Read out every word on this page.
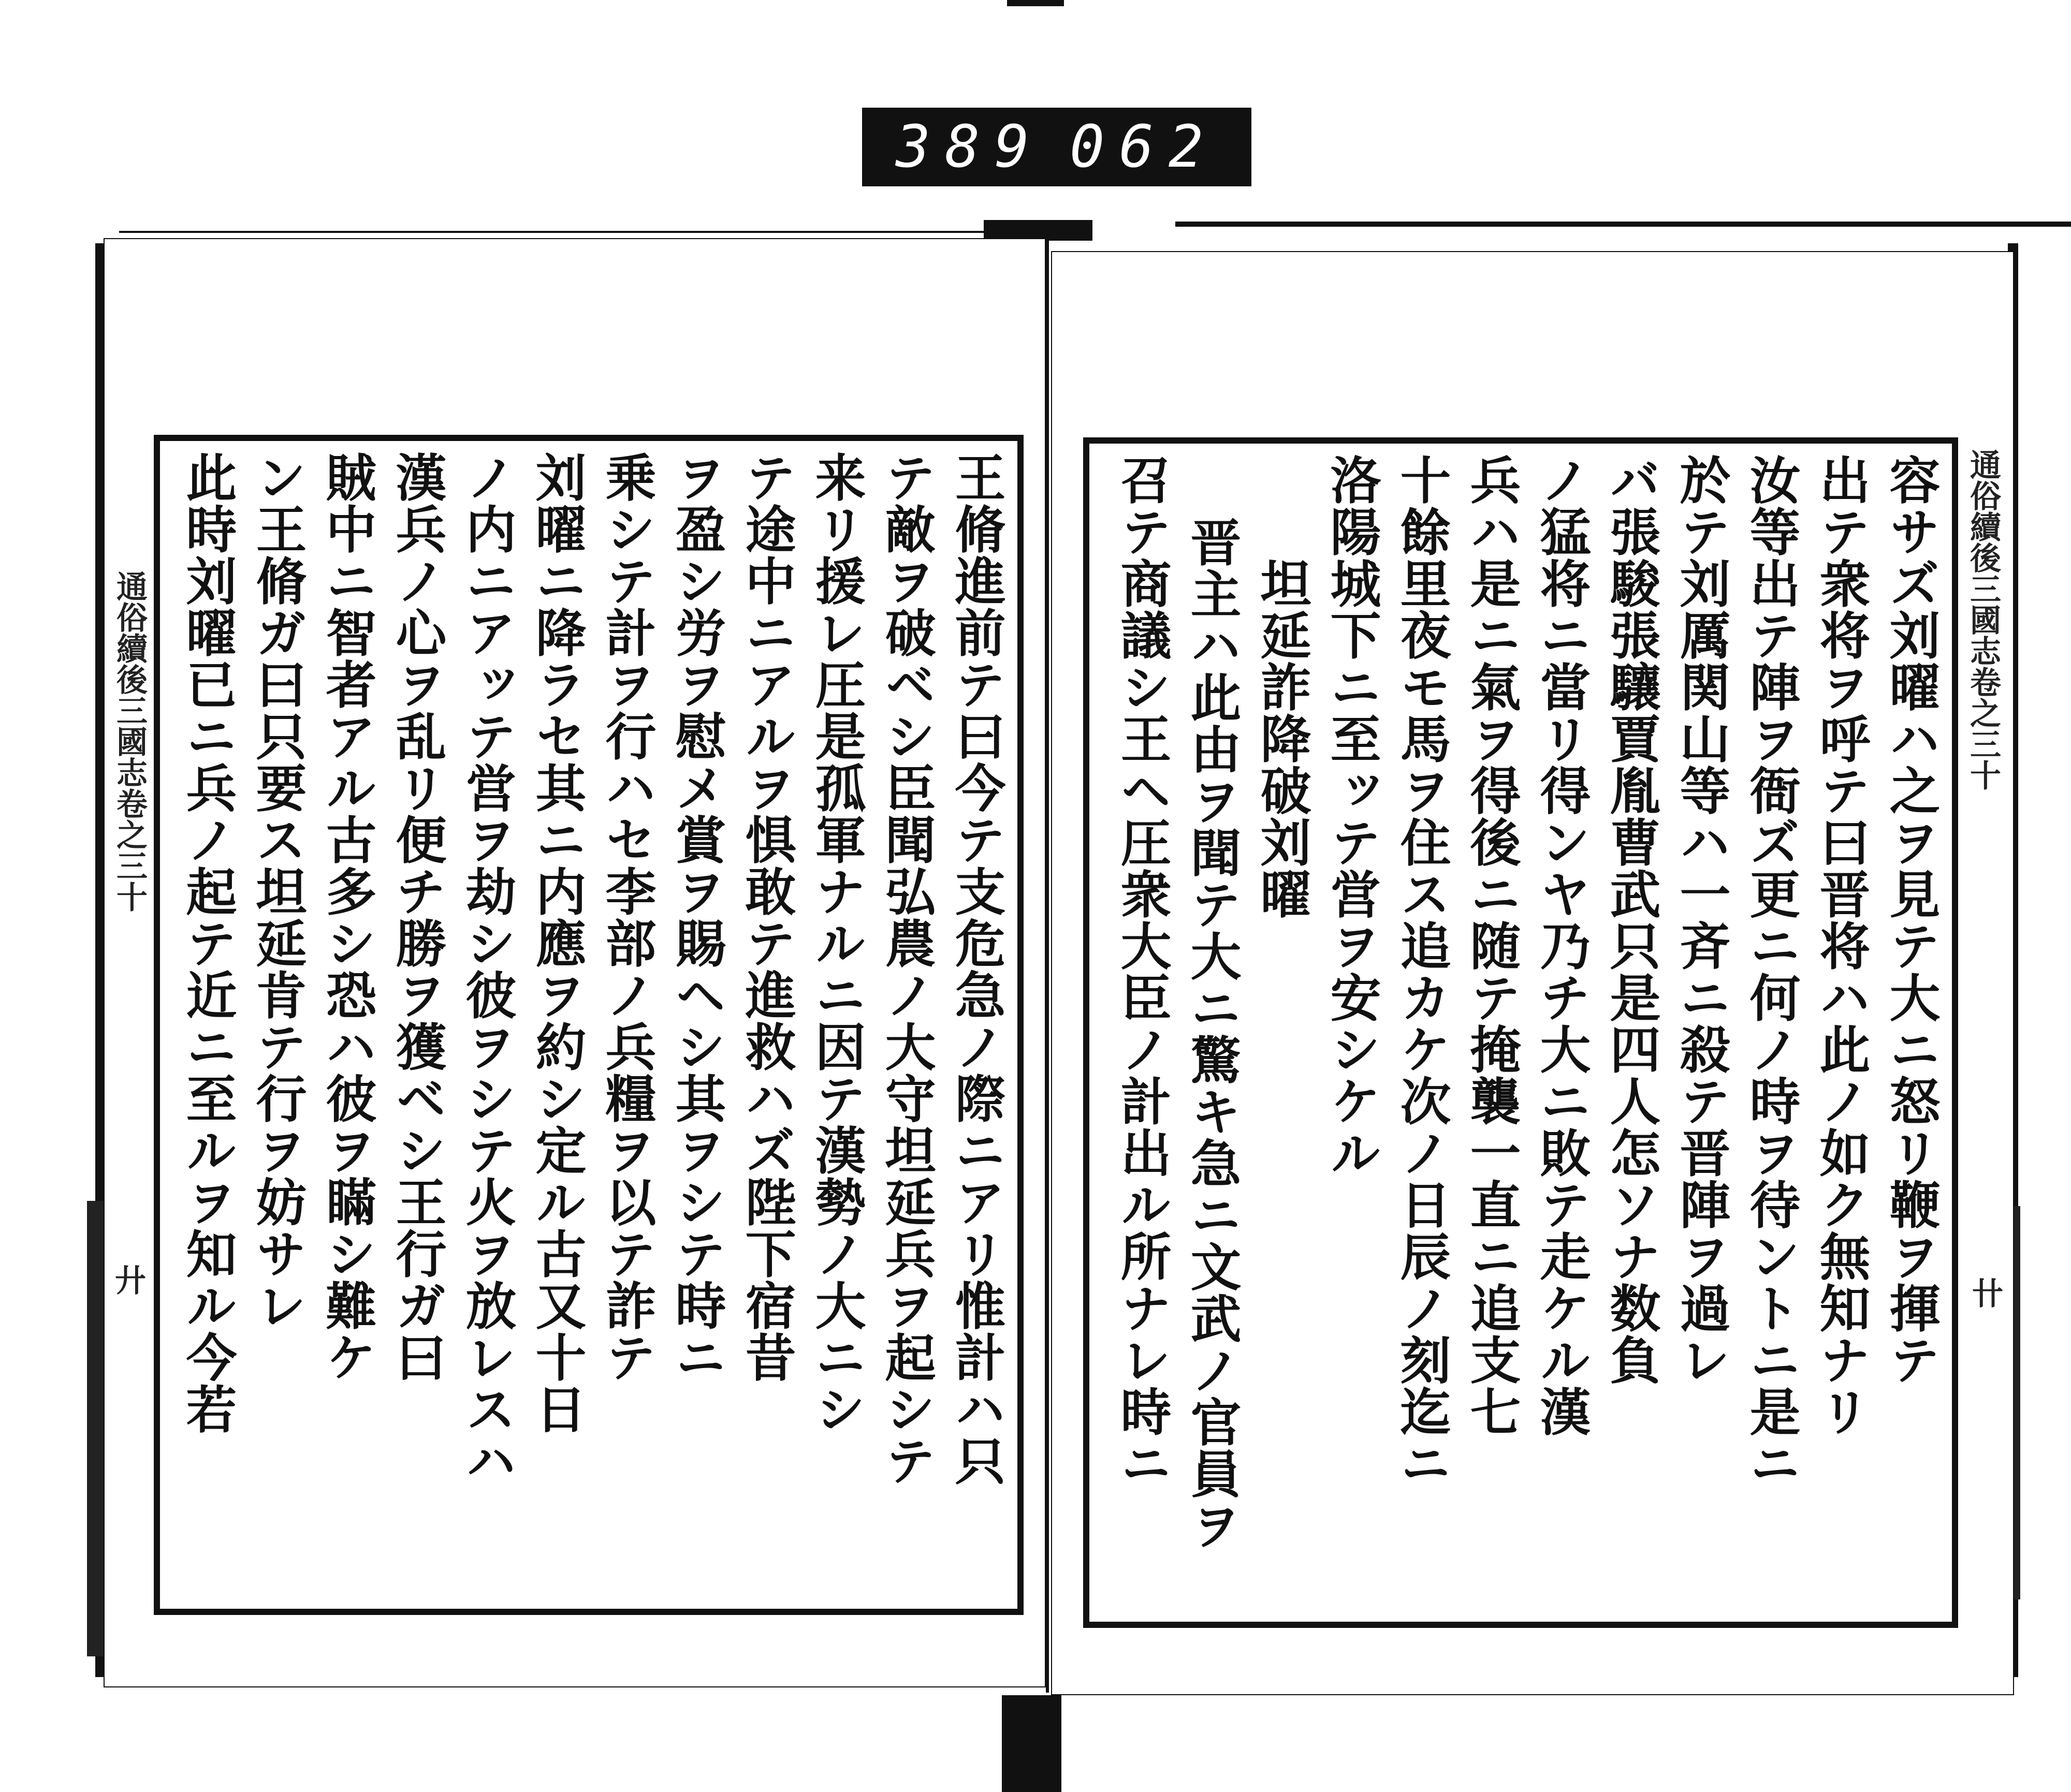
389 062
通俗續後三國志卷之三十
廾	王脩進前テ曰今テ支危急ノ際ニアリ惟計ハ只
テ敵ヲ破ベシ臣聞弘農ノ大守坦延兵ヲ起シテ
来リ援レ圧是孤軍ナルニ因テ漢勢ノ大ニシ
テ途中ニアルヲ惧敢テ進救ハズ陛下宿昔
ヲ盈シ労ヲ慰メ賞ヲ賜ヘシ其ヲシテ時ニ
乗シテ計ヲ行ハセ李部ノ兵糧ヲ以テ詐テ
刘曜ニ降ラセ其ニ内應ヲ約シ定ル古又十日
ノ内ニアッテ営ヲ劫シ彼ヲシテ火ヲ放レスハ
漢兵ノ心ヲ乱リ便チ勝ヲ獲ベシ王行ガ曰
賊中ニ智者アル古多シ恐ハ彼ヲ瞞シ難ケ
ン王脩ガ曰只要ス坦延肯テ行ヲ妨サレ
此時刘曜已ニ兵ノ起テ近ニ至ルヲ知ル今若	通俗續後三國志卷之三十
卄
容サズ刘曜ハ之ヲ見テ大ニ怒リ鞭ヲ揮テ
出テ衆将ヲ呼テ曰晋将ハ此ノ如ク無知ナリ
汝等出テ陣ヲ衙ズ更ニ何ノ時ヲ待ントニ是ニ
於テ刘厲関山等ハ一斉ニ殺テ晋陣ヲ過レ
バ張駿張驤賈胤曹武只是四人怎ソナ数負
ノ猛将ニ當リ得ンヤ乃チ大ニ敗テ走ケル漢
兵ハ是ニ氣ヲ得後ニ随テ掩襲一直ニ追支七
十餘里夜モ馬ヲ住ス追カケ次ノ日辰ノ刻迄ニ
洛陽城下ニ至ッテ営ヲ安シケル
坦延詐降破刘曜
晋主ハ此由ヲ聞テ大ニ驚キ急ニ文武ノ官員ヲ
召テ商議シ王ヘ圧衆大臣ノ計出ル所ナレ時ニ
